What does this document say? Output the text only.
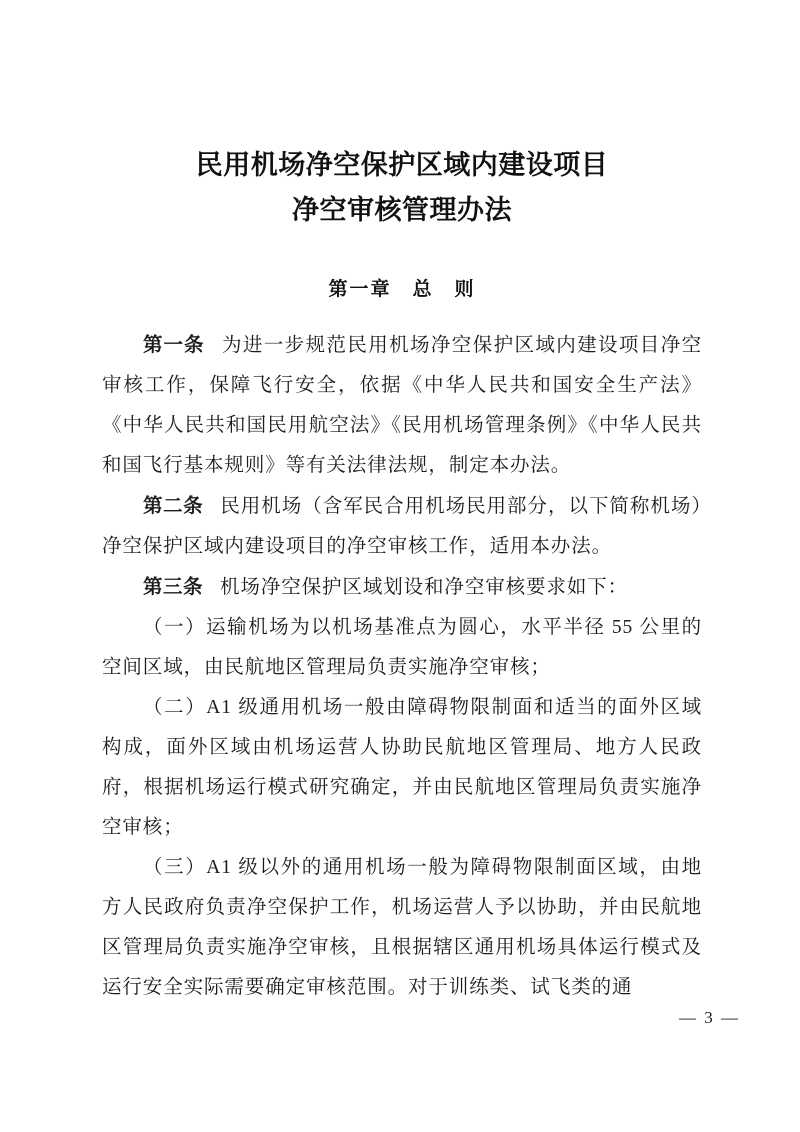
民用机场净空保护区域内建设项目
净空审核管理办法
第一章　总　则

第一条 为进一步规范民用机场净空保护区域内建设项目净空审核工作，保障飞行安全，依据《中华人民共和国安全生产法》《中华人民共和国民用航空法》《民用机场管理条例》《中华人民共和国飞行基本规则》等有关法律法规，制定本办法。

第二条 民用机场（含军民合用机场民用部分，以下简称机场）净空保护区域内建设项目的净空审核工作，适用本办法。

第三条 机场净空保护区域划设和净空审核要求如下：

（一）运输机场为以机场基准点为圆心，水平半径 55 公里的空间区域，由民航地区管理局负责实施净空审核；

（二）A1 级通用机场一般由障碍物限制面和适当的面外区域构成，面外区域由机场运营人协助民航地区管理局、地方人民政府，根据机场运行模式研究确定，并由民航地区管理局负责实施净空审核；

（三）A1 级以外的通用机场一般为障碍物限制面区域，由地方人民政府负责净空保护工作，机场运营人予以协助，并由民航地区管理局负责实施净空审核，且根据辖区通用机场具体运行模式及运行安全实际需要确定审核范围。对于训练类、试飞类的通

— 3 —
